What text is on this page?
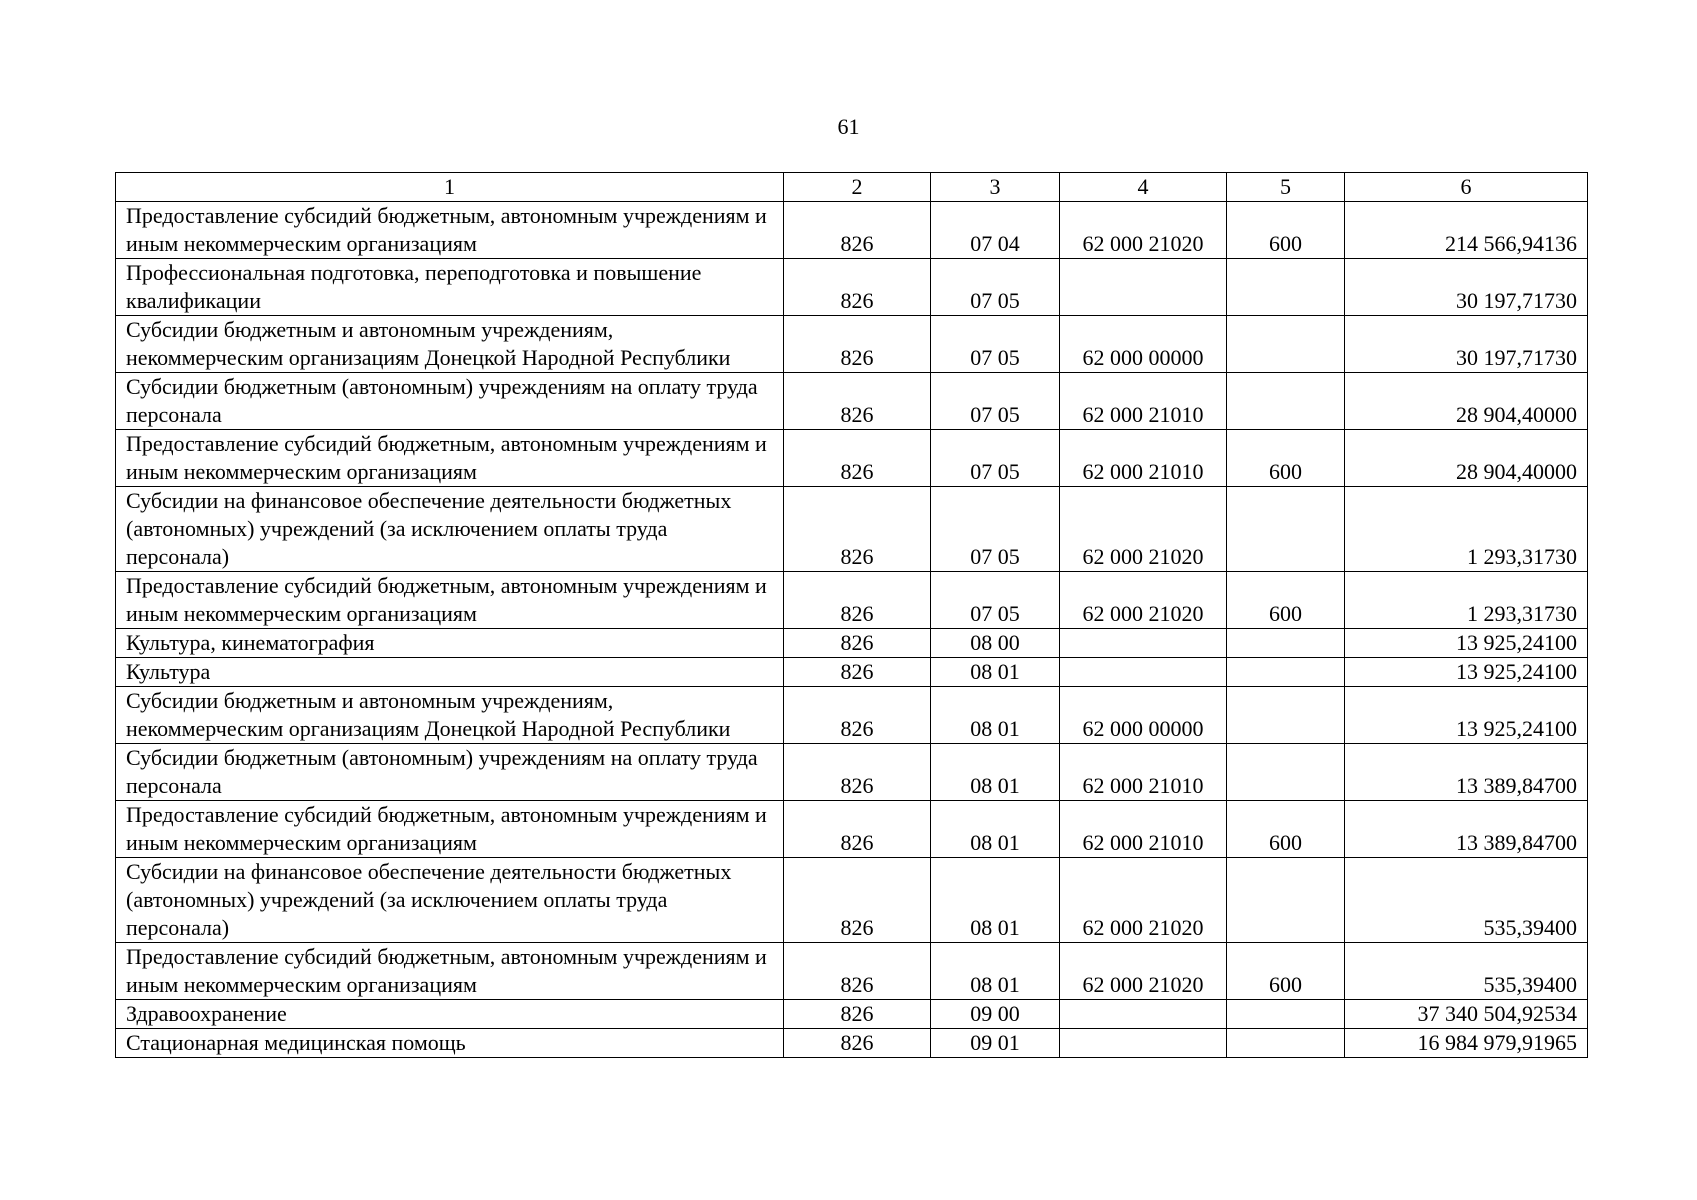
61
1	2	3	4	5	6
Предоставление субсидий бюджетным, автономным учреждениям и иным некоммерческим организациям	826	07 04	62 000 21020	600	214 566,94136
Профессиональная подготовка, переподготовка и повышение квалификации	826	07 05			30 197,71730
Субсидии бюджетным и автономным учреждениям, некоммерческим организациям Донецкой Народной Республики	826	07 05	62 000 00000		30 197,71730
Субсидии бюджетным (автономным) учреждениям на оплату труда персонала	826	07 05	62 000 21010		28 904,40000
Предоставление субсидий бюджетным, автономным учреждениям и иным некоммерческим организациям	826	07 05	62 000 21010	600	28 904,40000
Субсидии на финансовое обеспечение деятельности бюджетных (автономных) учреждений (за исключением оплаты труда персонала)	826	07 05	62 000 21020		1 293,31730
Предоставление субсидий бюджетным, автономным учреждениям и иным некоммерческим организациям	826	07 05	62 000 21020	600	1 293,31730
Культура, кинематография	826	08 00			13 925,24100
Культура	826	08 01			13 925,24100
Субсидии бюджетным и автономным учреждениям, некоммерческим организациям Донецкой Народной Республики	826	08 01	62 000 00000		13 925,24100
Субсидии бюджетным (автономным) учреждениям на оплату труда персонала	826	08 01	62 000 21010		13 389,84700
Предоставление субсидий бюджетным, автономным учреждениям и иным некоммерческим организациям	826	08 01	62 000 21010	600	13 389,84700
Субсидии на финансовое обеспечение деятельности бюджетных (автономных) учреждений (за исключением оплаты труда персонала)	826	08 01	62 000 21020		535,39400
Предоставление субсидий бюджетным, автономным учреждениям и иным некоммерческим организациям	826	08 01	62 000 21020	600	535,39400
Здравоохранение	826	09 00			37 340 504,92534
Стационарная медицинская помощь	826	09 01			16 984 979,91965
